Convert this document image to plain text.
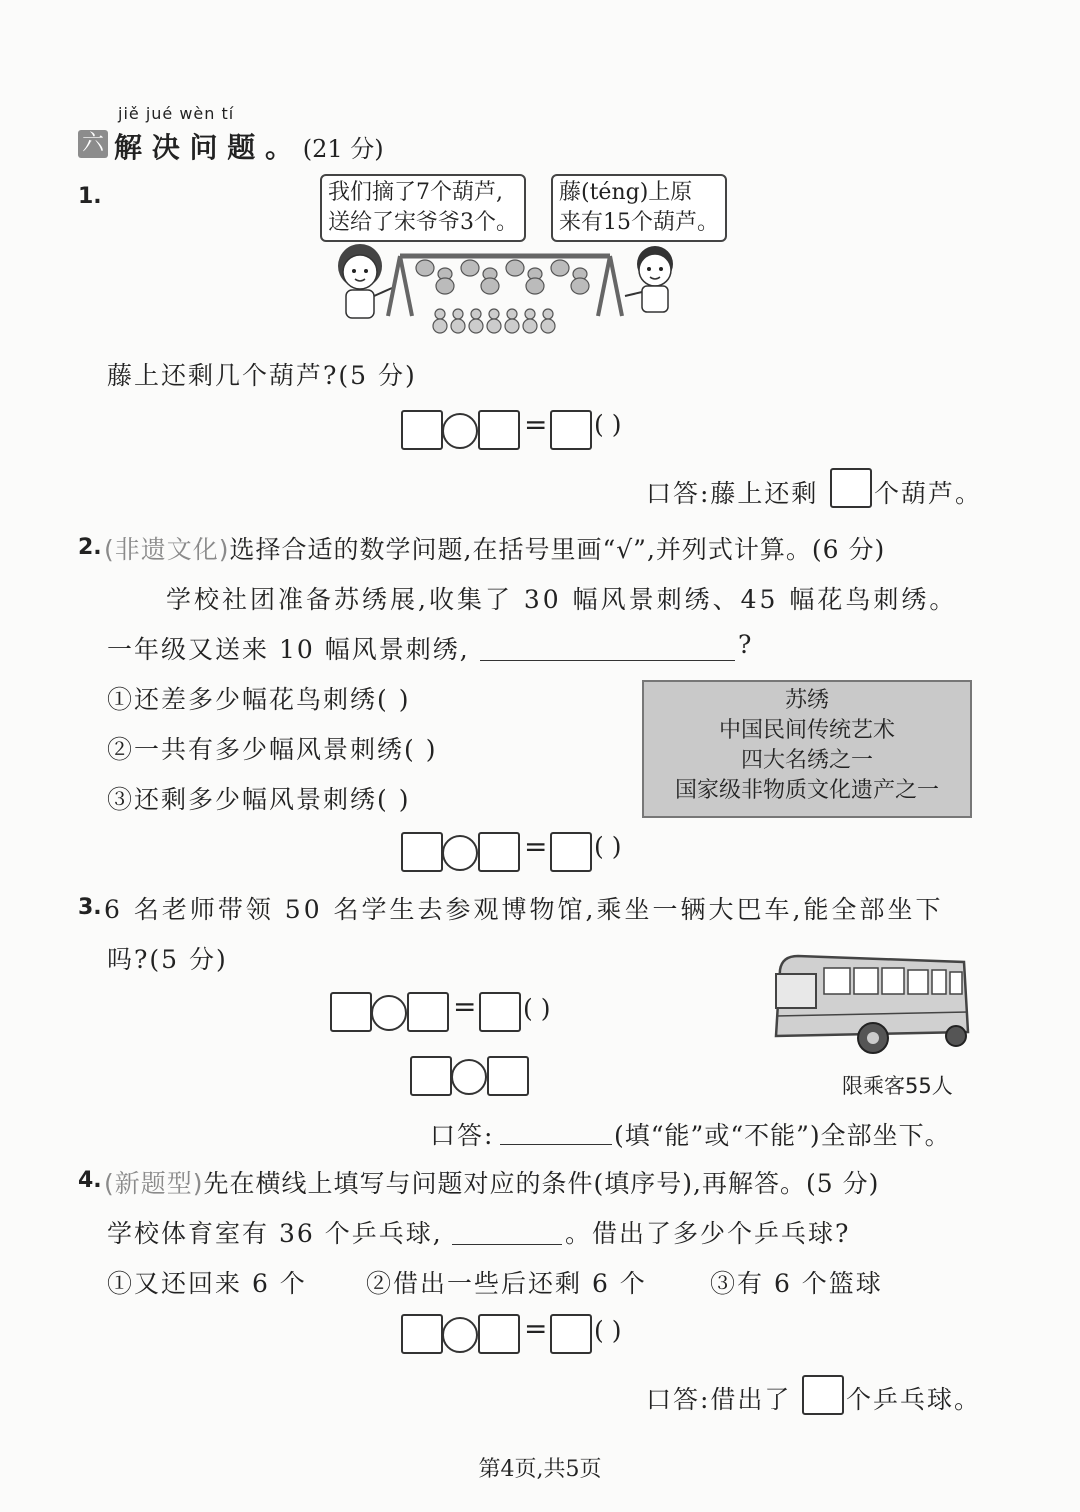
jiě jué wèn tí
六 解 决 问 题 。 (21 分)
1.	我们摘了7个葫芦,
送给了宋爷爷3个。
藤(téng)上原
来有15个葫芦。
藤上还剩几个葫芦?(5 分)
= ( )
口答:藤上还剩 个葫芦。
2. (非遗文化)选择合适的数学问题,在括号里画“√”,并列式计算。(6 分)
学校社团准备苏绣展,收集了 30 幅风景刺绣、45 幅花鸟刺绣。
一年级又送来 10 幅风景刺绣,	?
①还差多少幅花鸟刺绣( )
②一共有多少幅风景刺绣( )
③还剩多少幅风景刺绣( )
苏绣
中国民间传统艺术
四大名绣之一
国家级非物质文化遗产之一
= ( )
3. 6 名老师带领 50 名学生去参观博物馆,乘坐一辆大巴车,能全部坐下
吗?(5 分)
= ( )
限乘客55人
口答:	(填“能”或“不能”)全部坐下。
4. (新题型)先在横线上填写与问题对应的条件(填序号),再解答。(5 分)
学校体育室有 36 个乒乓球,	。借出了多少个乒乓球?
①又还回来 6 个 ②借出一些后还剩 6 个	③有 6 个篮球
= ( )
口答:借出了 个乒乓球。
第4页,共5页
